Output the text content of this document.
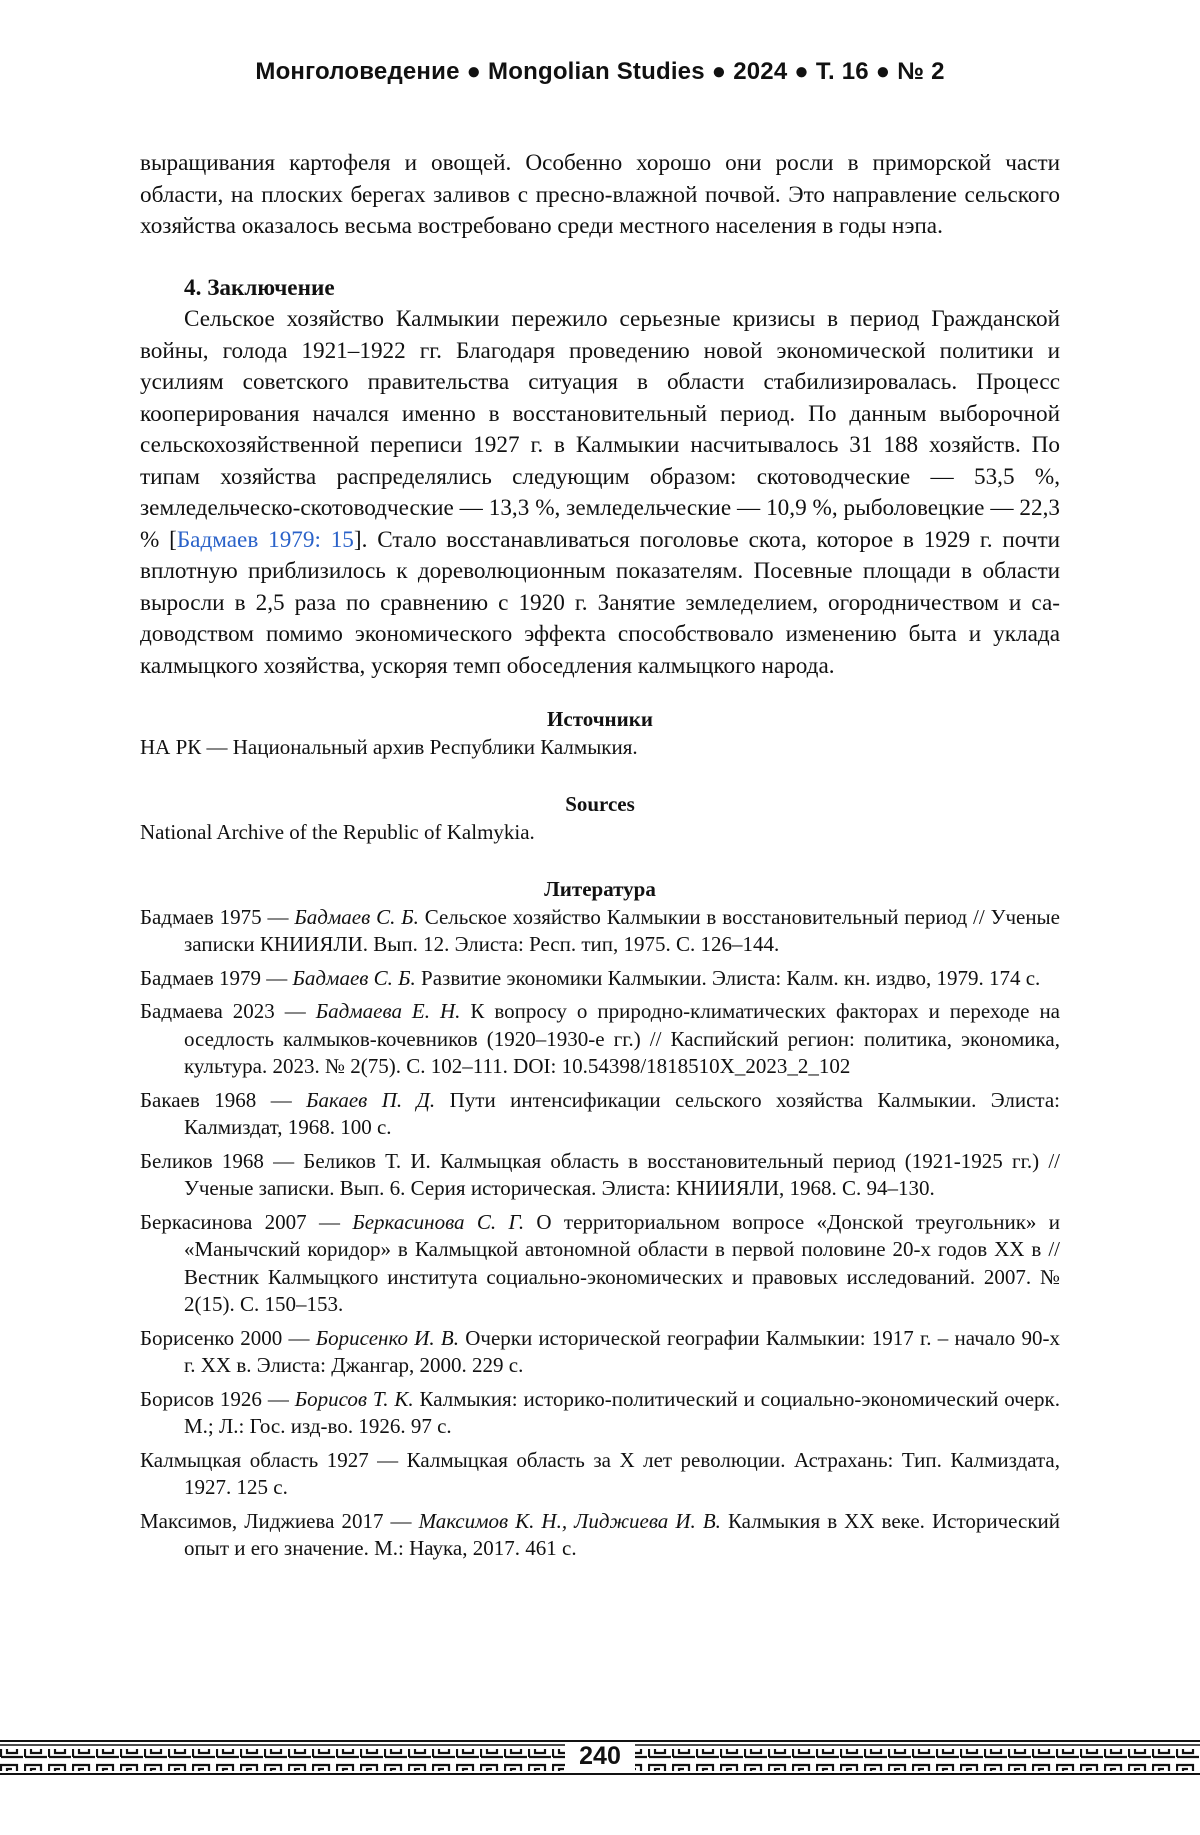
Монголоведение ● Mongolian Studies ● 2024 ● Т. 16 ● № 2

выращивания картофеля и овощей. Особенно хорошо они росли в приморской части области, на плоских берегах заливов с пресно-влажной почвой. Это направление сельского хозяйства оказалось весьма востребовано среди местного населения в годы нэпа.

4. Заключение

Сельское хозяйство Калмыкии пережило серьезные кризисы в период Гражданской войны, голода 1921–1922 гг. Благодаря проведению новой экономической политики и усилиям советского правительства ситуация в области стабилизировалась. Процесс кооперирования начался именно в восстановительный период. По данным выборочной сельскохозяйственной переписи 1927 г. в Калмыкии насчитывалось 31 188 хозяйств. По типам хозяйства распределялись следующим образом: скотоводческие — 53,5 %, земледельческо-скотоводческие — 13,3 %, земледельческие — 10,9 %, рыболовецкие — 22,3 % [Бадмаев 1979: 15]. Стало восстанавливаться поголовье скота, которое в 1929 г. почти вплотную приблизилось к дореволюционным показателям. Посевные площади в области выросли в 2,5 раза по сравнению с 1920 г. Занятие земледелием, огородничеством и садоводством помимо экономического эффекта способствовало изменению быта и уклада калмыцкого хозяйства, ускоряя темп обоседления калмыцкого народа.

Источники
НА РК — Национальный архив Республики Калмыкия.
Sources
National Archive of the Republic of Kalmykia.
Литература

Бадмаев 1975 — Бадмаев С. Б. Сельское хозяйство Калмыкии в восстановительный период // Ученые записки КНИИЯЛИ. Вып. 12. Элиста: Респ. тип, 1975. С. 126–144.

Бадмаев 1979 — Бадмаев С. Б. Развитие экономики Калмыкии. Элиста: Калм. кн. издво, 1979. 174 с.

Бадмаева 2023 — Бадмаева Е. Н. К вопросу о природно-климатических факторах и переходе на оседлость калмыков-кочевников (1920–1930-е гг.) // Каспийский регион: политика, экономика, культура. 2023. № 2(75). С. 102–111. DOI: 10.54398/1818510X_2023_2_102

Бакаев 1968 — Бакаев П. Д. Пути интенсификации сельского хозяйства Калмыкии. Элиста: Калмиздат, 1968. 100 с.

Беликов 1968 — Беликов Т. И. Калмыцкая область в восстановительный период (1921-1925 гг.) // Ученые записки. Вып. 6. Серия историческая. Элиста: КНИИЯЛИ, 1968. С. 94–130.

Беркасинова 2007 — Беркасинова С. Г. О территориальном вопросе «Донской треугольник» и «Манычский коридор» в Калмыцкой автономной области в первой половине 20-х годов ХХ в // Вестник Калмыцкого института социально-экономических и правовых исследований. 2007. № 2(15). С. 150–153.

Борисенко 2000 — Борисенко И. В. Очерки исторической географии Калмыкии: 1917 г. – начало 90-х г. ХХ в. Элиста: Джангар, 2000. 229 с.

Борисов 1926 — Борисов Т. К. Калмыкия: историко-политический и социально-экономический очерк. М.; Л.: Гос. изд-во. 1926. 97 с.

Калмыцкая область 1927 — Калмыцкая область за Х лет революции. Астрахань: Тип. Калмиздата, 1927. 125 с.

Максимов, Лиджиева 2017 — Максимов К. Н., Лиджиева И. В. Калмыкия в ХХ веке. Исторический опыт и его значение. М.: Наука, 2017. 461 с.

240
